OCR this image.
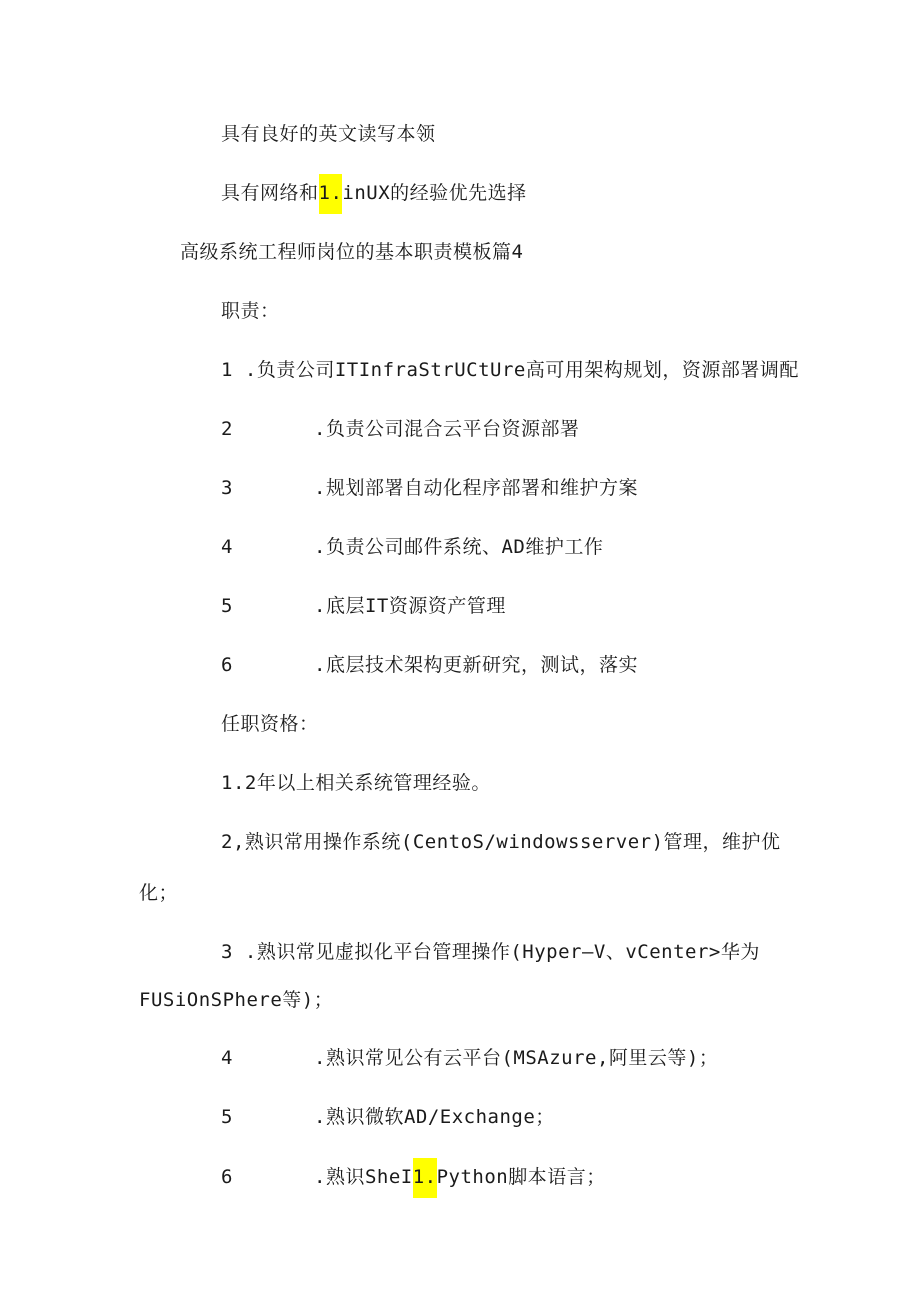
具有良好的英文读写本领
具有网络和1.inUX的经验优先选择
高级系统工程师岗位的基本职责模板篇4
职责：
1 .负责公司ITInfraStrUCtUre高可用架构规划，资源部署调配
2	.负责公司混合云平台资源部署
3	.规划部署自动化程序部署和维护方案
4	.负责公司邮件系统、AD维护工作
5	.底层IT资源资产管理
6	.底层技术架构更新研究，测试，落实
任职资格：
1.2年以上相关系统管理经验。
2,熟识常用操作系统(CentoS/windowsserver)管理，维护优
化；
3 .熟识常见虚拟化平台管理操作(Hyper—V、vCenter>华为
FUSiOnSPhere等)；
4	.熟识常见公有云平台(MSAzure,阿里云等)；
5	.熟识微软AD/Exchange；
6	.熟识SheI1.Python脚本语言；
